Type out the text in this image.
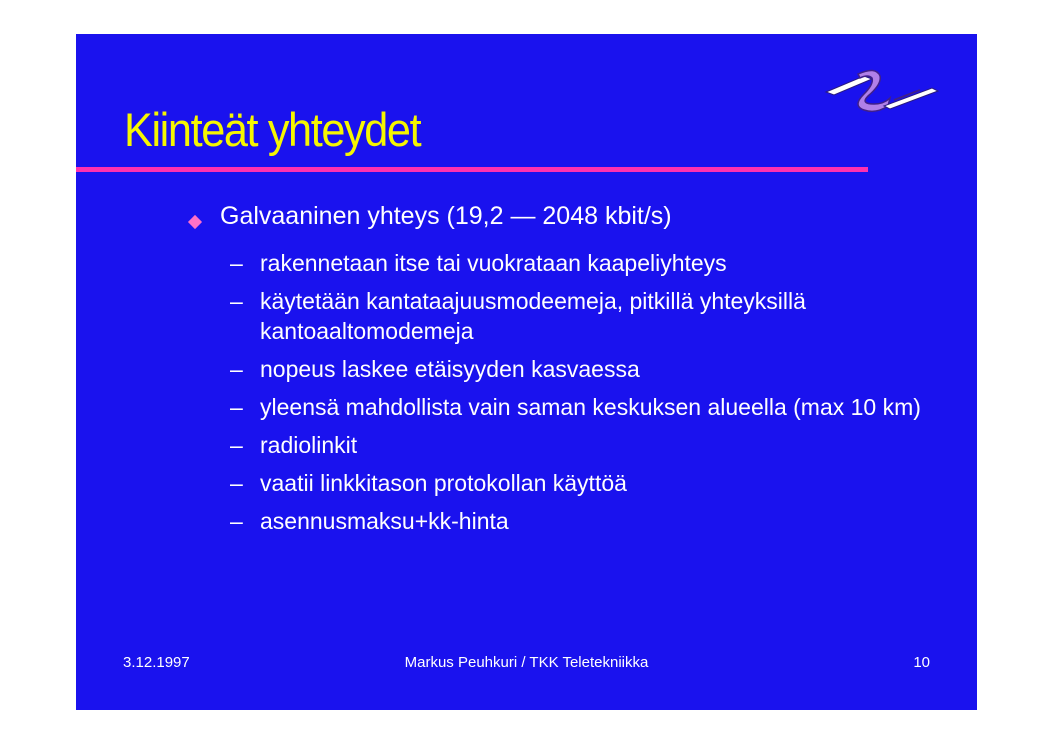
Kiinteät yhteydet
Galvaaninen yhteys (19,2 — 2048 kbit/s)
– rakennetaan itse tai vuokrataan kaapeliyhteys
– käytetään kantataajuusmodeemeja, pitkillä yhteyksillä kantoaaltomodemeja
– nopeus laskee etäisyyden kasvaessa
– yleensä mahdollista vain saman keskuksen alueella (max 10 km)
– radiolinkit
– vaatii linkkitason protokollan käyttöä
– asennusmaksu+kk-hinta
3.12.1997	Markus Peuhkuri / TKK Teletekniikka	10
